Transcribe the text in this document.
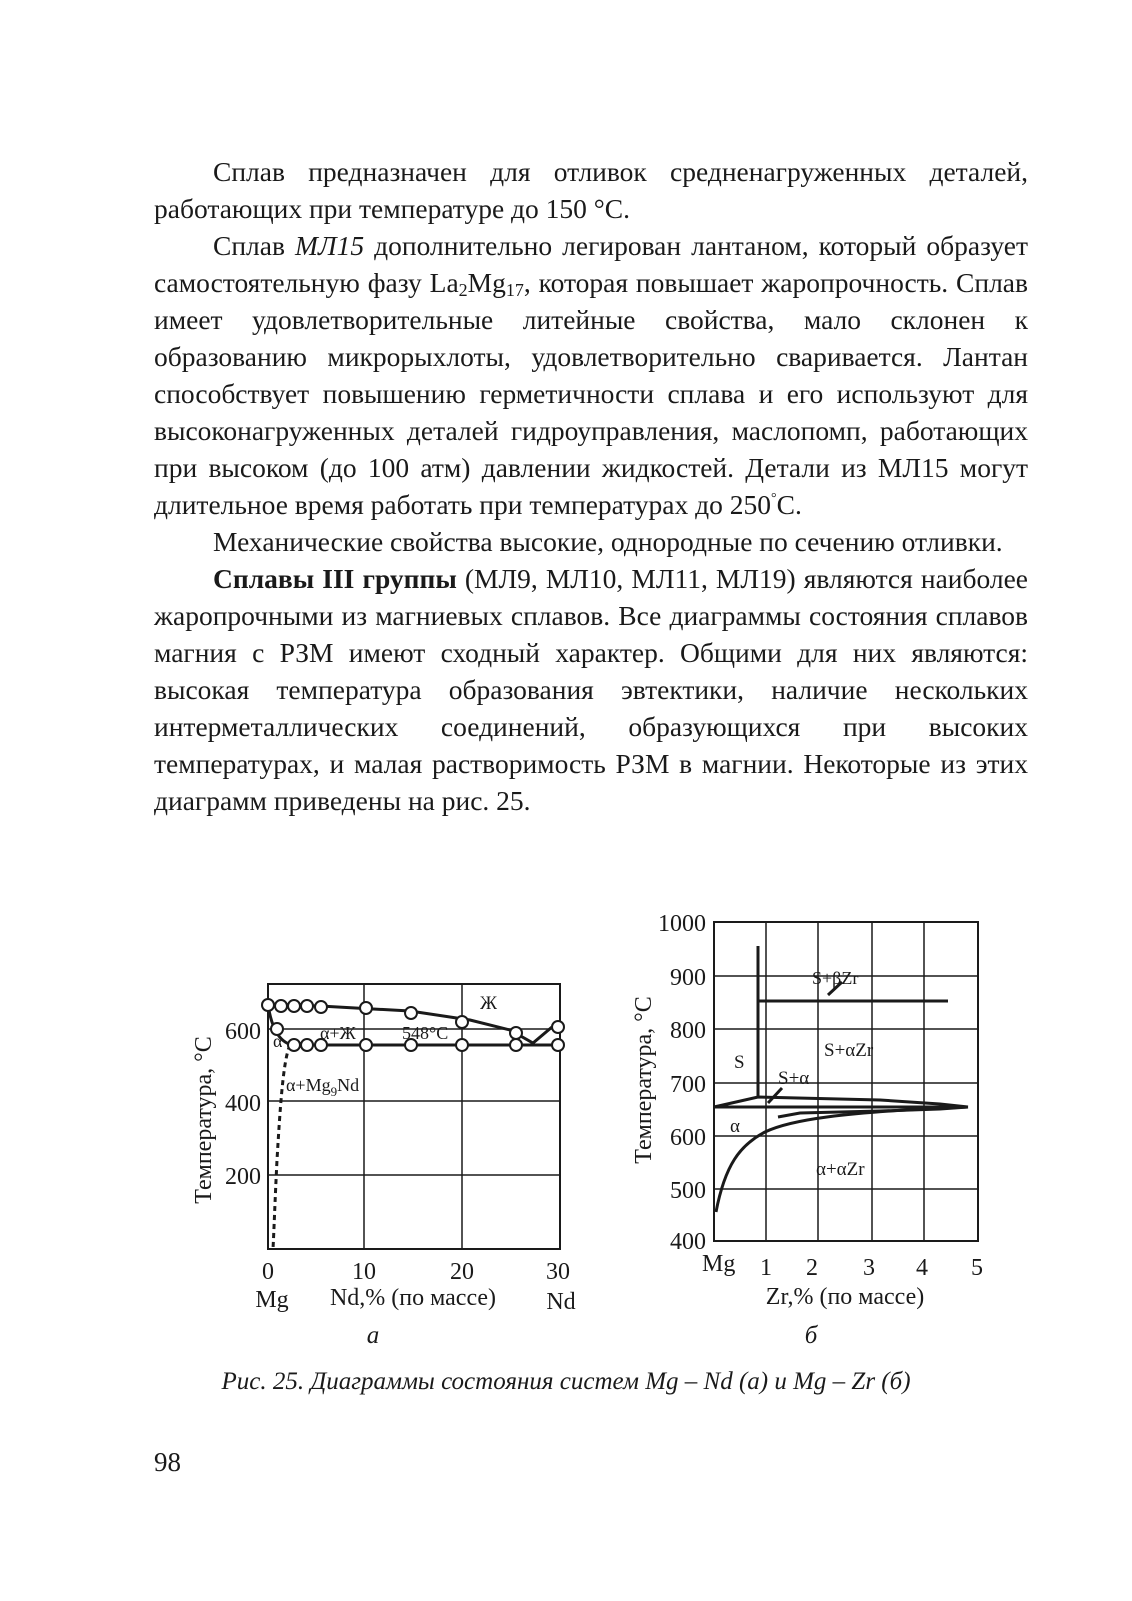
Сплав предназначен для отливок средненагруженных деталей, работающих при температуре до 150 °С.

Сплав МЛ15 дополнительно легирован лантаном, который образует самостоятельную фазу $La_2Mg_{17}$, которая повышает жаропрочность. Сплав имеет удовлетворительные литейные свойства, мало склонен к образованию микрорыхлоты, удовлетворительно сваривается. Лантан способствует повышению герметичности сплава и его используют для высоконагруженных деталей гидроуправления, маслопомп, работающих при высоком (до 100 атм) давлении жидкостей. Детали из МЛ15 могут длительное время работать при температурах до 250°С.

Механические свойства высокие, однородные по сечению отливки.

Сплавы III группы (МЛ9, МЛ10, МЛ11, МЛ19) являются наиболее жаропрочными из магниевых сплавов. Все диаграммы состояния сплавов магния с РЗМ имеют сходный характер. Общими для них являются: высокая температура образования эвтектики, наличие нескольких интерметаллических соединений, образующихся при высоких температурах, и малая растворимость РЗМ в магнии. Некоторые из этих диаграмм приведены на рис. 25.

Ж
α+Ж	548°С
α
$\alpha+Mg_9Nd$
600
400
200
Температура, °С
0	10	20	30
Mg Nd,% (по массе) Nd
а
S+βZr
S+αZr
S
S+α
α
α+αZr
1000
900
800
700
600
500
400
Температура, °С
Mg 1 2 3 4 5
Zr,% (по массе)
б
Рис. 25. Диаграммы состояния систем Mg – Nd (а) и Mg – Zr (б)
98
